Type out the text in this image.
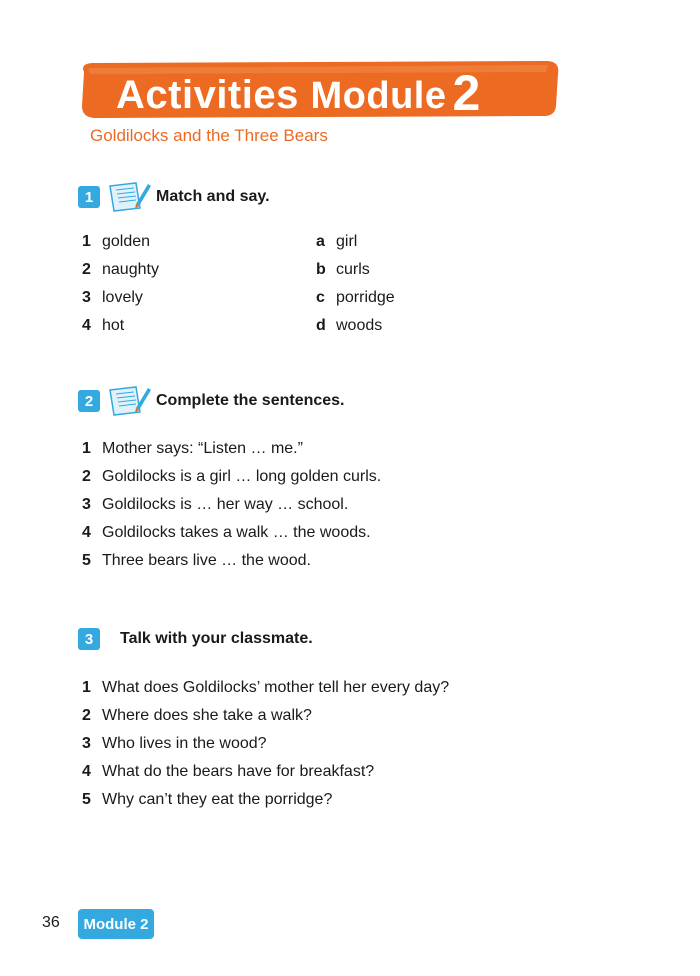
Activities Module 2
Goldilocks and the Three Bears
1	Match and say.
1 golden
2 naughty
3 lovely
4 hot
a girl
b curls
c porridge
d woods
2	Complete the sentences.
1 Mother says: “Listen … me.”
2 Goldilocks is a girl … long golden curls.
3 Goldilocks is … her way … school.
4 Goldilocks takes a walk … the woods.
5 Three bears live … the wood.
3	Talk with your classmate.
1 What does Goldilocks’ mother tell her every day?
2 Where does she take a walk?
3 Who lives in the wood?
4 What do the bears have for breakfast?
5 Why can’t they eat the porridge?
36	Module 2
